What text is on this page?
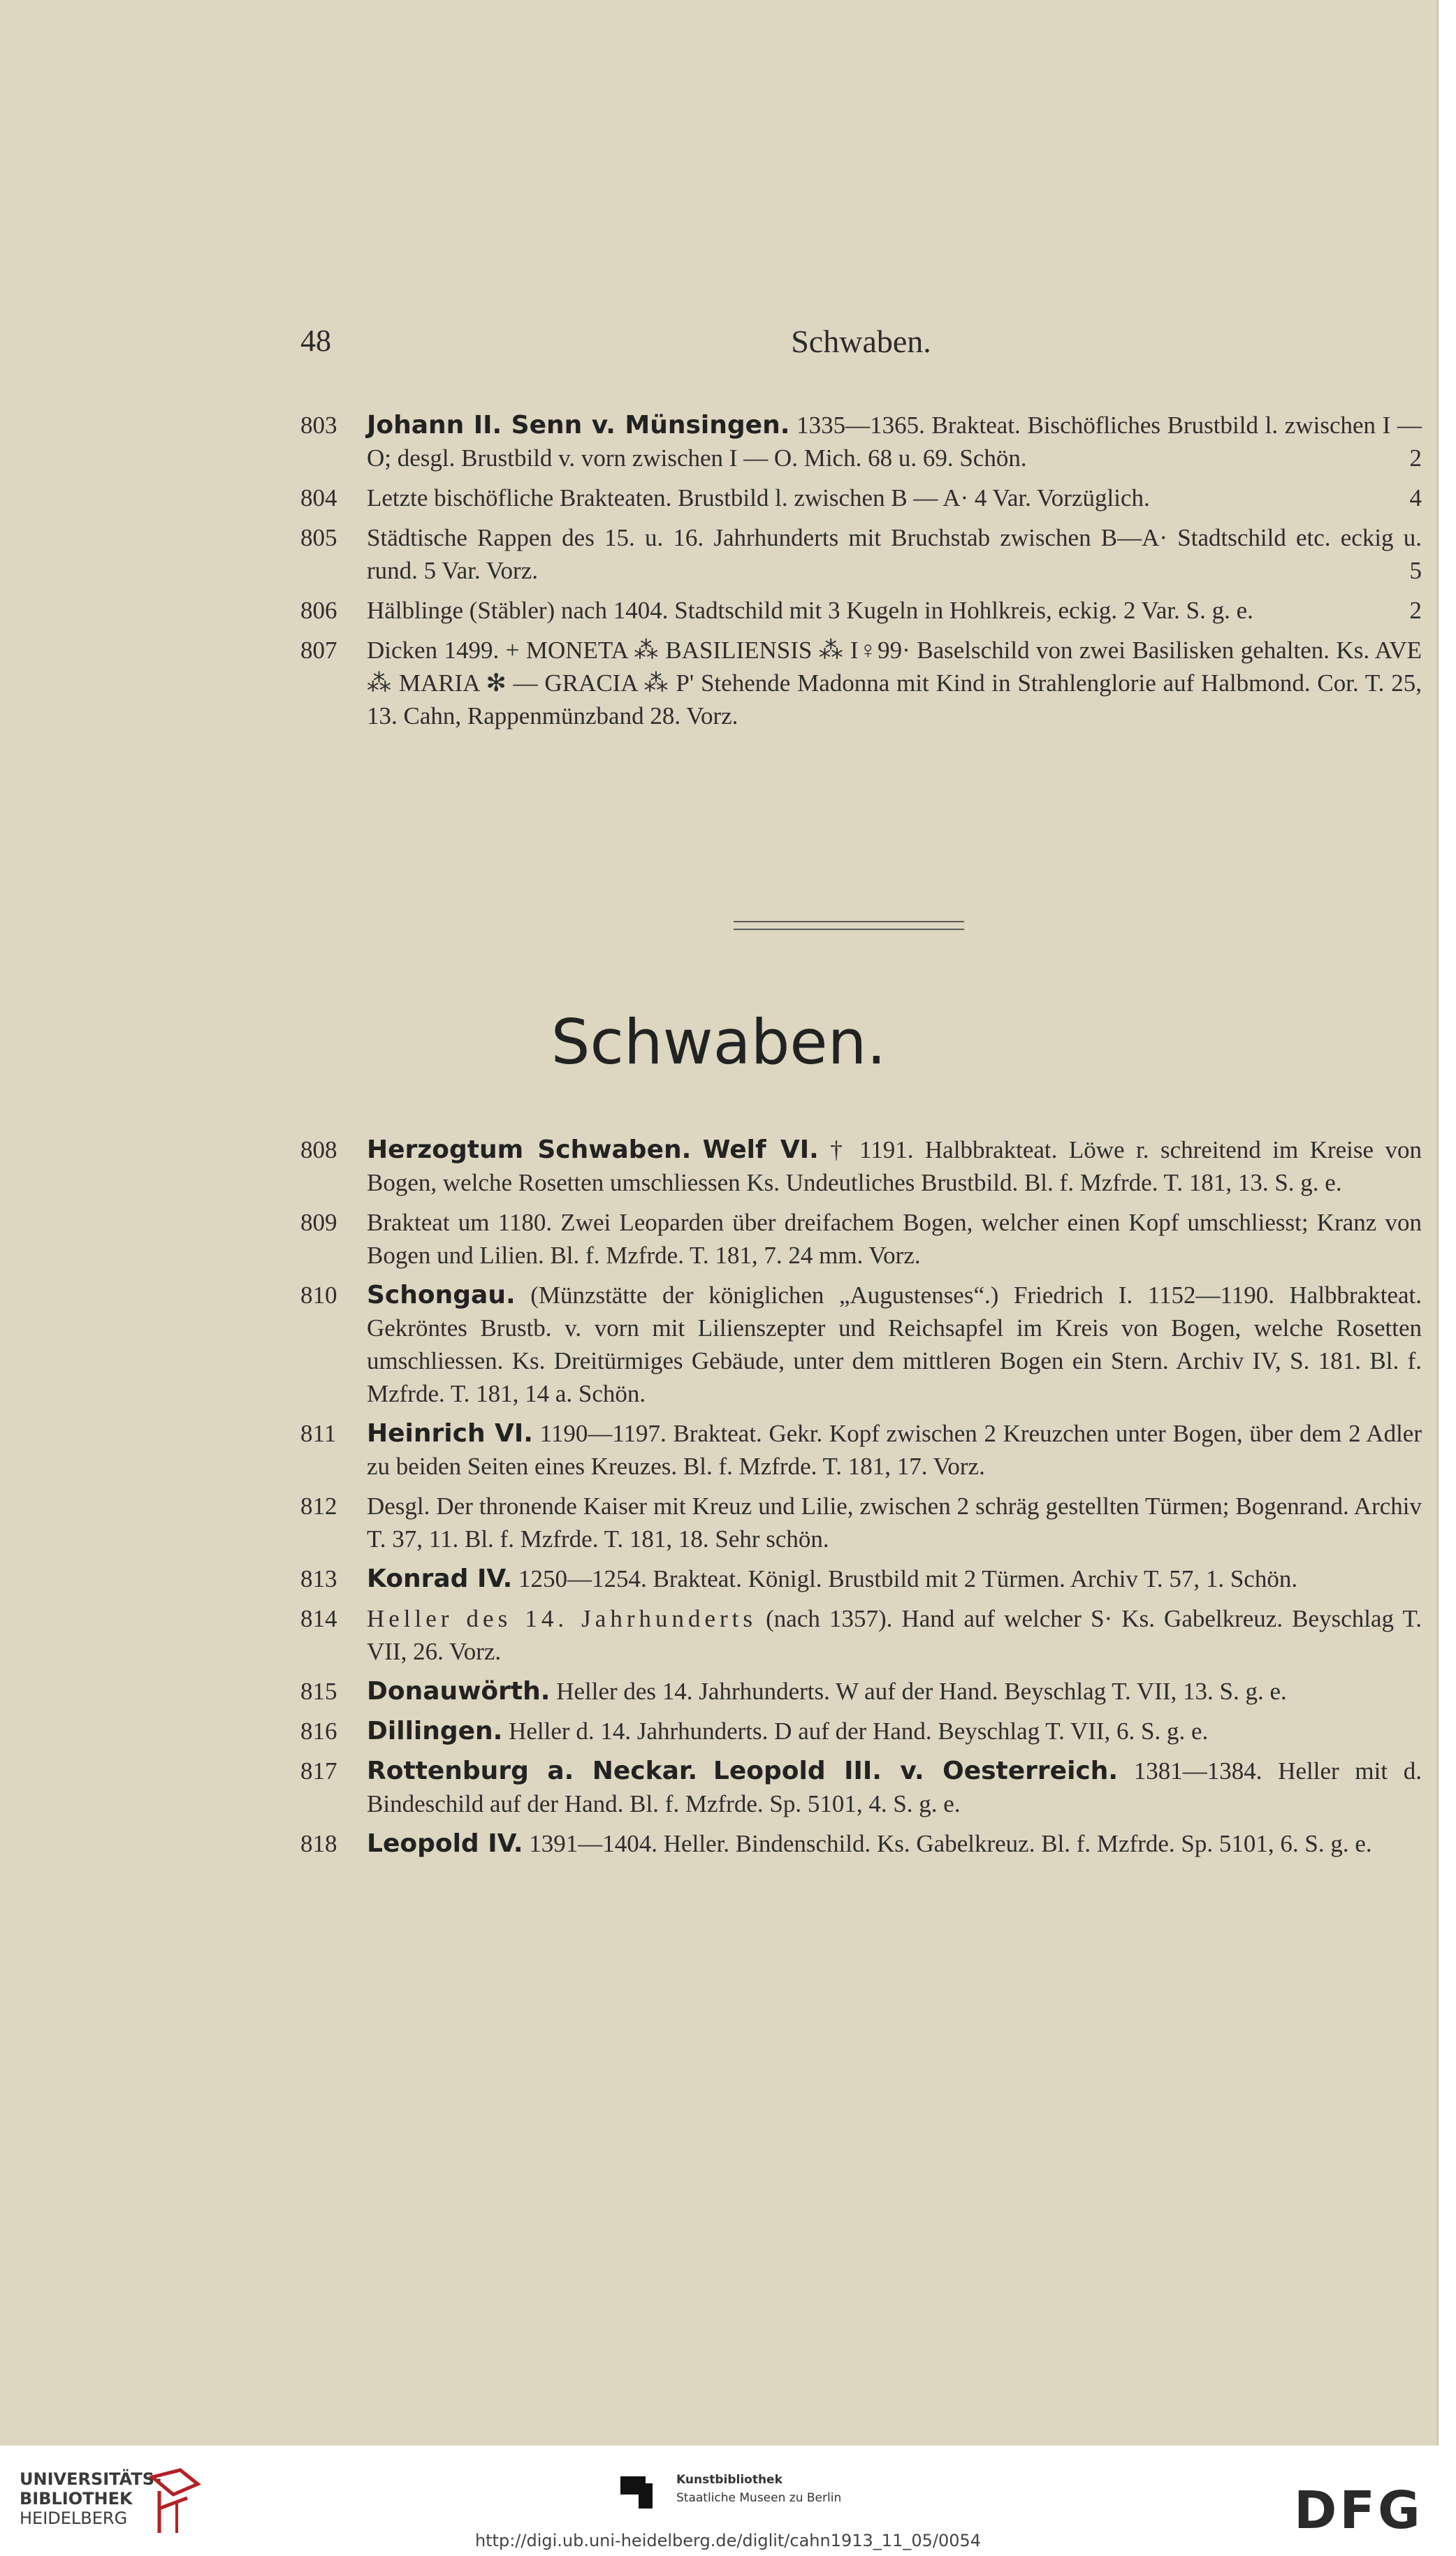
48	Schwaben.
803 Johann II. Senn v. Münsingen. 1335—1365. Brakteat. Bischöfliches Brustbild l. zwischen I — O; desgl. Brustbild v. vorn zwischen I — O. Mich. 68 u. 69. Schön.	2
804 Letzte bischöfliche Brakteaten. Brustbild l. zwischen B — A· 4 Var. Vorzüglich.	4
805 Städtische Rappen des 15. u. 16. Jahrhunderts mit Bruchstab zwischen B—A· Stadtschild etc. eckig u. rund. 5 Var. Vorz.	5
806 Hälblinge (Stäbler) nach 1404. Stadtschild mit 3 Kugeln in Hohlkreis, eckig. 2 Var. S. g. e.	2
807 Dicken 1499. + MONETA ⁂ BASILIENSIS ⁂ I♀99· Baselschild von zwei Basilisken gehalten. Ks. AVE ⁂ MARIA ✻ — GRACIA ⁂ P' Stehende Madonna mit Kind in Strahlenglorie auf Halbmond. Cor. T. 25, 13. Cahn, Rappenmünzband 28. Vorz.
Schwaben.
808 Herzogtum Schwaben. Welf VI. † 1191. Halbbrakteat. Löwe r. schreitend im Kreise von Bogen, welche Rosetten umschliessen Ks. Undeutliches Brustbild. Bl. f. Mzfrde. T. 181, 13. S. g. e.
809 Brakteat um 1180. Zwei Leoparden über dreifachem Bogen, welcher einen Kopf umschliesst; Kranz von Bogen und Lilien. Bl. f. Mzfrde. T. 181, 7. 24 mm. Vorz.
810 Schongau. (Münzstätte der königlichen „Augustenses“.) Friedrich I. 1152—1190. Halbbrakteat. Gekröntes Brustb. v. vorn mit Lilienszepter und Reichsapfel im Kreis von Bogen, welche Rosetten umschliessen. Ks. Dreitürmiges Gebäude, unter dem mittleren Bogen ein Stern. Archiv IV, S. 181. Bl. f. Mzfrde. T. 181, 14 a. Schön.
811 Heinrich VI. 1190—1197. Brakteat. Gekr. Kopf zwischen 2 Kreuzchen unter Bogen, über dem 2 Adler zu beiden Seiten eines Kreuzes. Bl. f. Mzfrde. T. 181, 17. Vorz.
812 Desgl. Der thronende Kaiser mit Kreuz und Lilie, zwischen 2 schräg gestellten Türmen; Bogenrand. Archiv T. 37, 11. Bl. f. Mzfrde. T. 181, 18. Sehr schön.
813 Konrad IV. 1250—1254. Brakteat. Königl. Brustbild mit 2 Türmen. Archiv T. 57, 1. Schön.
814 Heller des 14. Jahrhunderts (nach 1357). Hand auf welcher S· Ks. Gabelkreuz. Beyschlag T. VII, 26. Vorz.
815 Donauwörth. Heller des 14. Jahrhunderts. W auf der Hand. Beyschlag T. VII, 13. S. g. e.
816 Dillingen. Heller d. 14. Jahrhunderts. D auf der Hand. Beyschlag T. VII, 6. S. g. e.
817 Rottenburg a. Neckar. Leopold III. v. Oesterreich. 1381—1384. Heller mit d. Bindeschild auf der Hand. Bl. f. Mzfrde. Sp. 5101, 4. S. g. e.
818 Leopold IV. 1391—1404. Heller. Bindenschild. Ks. Gabelkreuz. Bl. f. Mzfrde. Sp. 5101, 6. S. g. e.
UNIVERSITÄTS-
BIBLIOTHEK
HEIDELBERG
Kunstbibliothek
Staatliche Museen zu Berlin	DFG
http://digi.ub.uni-heidelberg.de/diglit/cahn1913_11_05/0054
